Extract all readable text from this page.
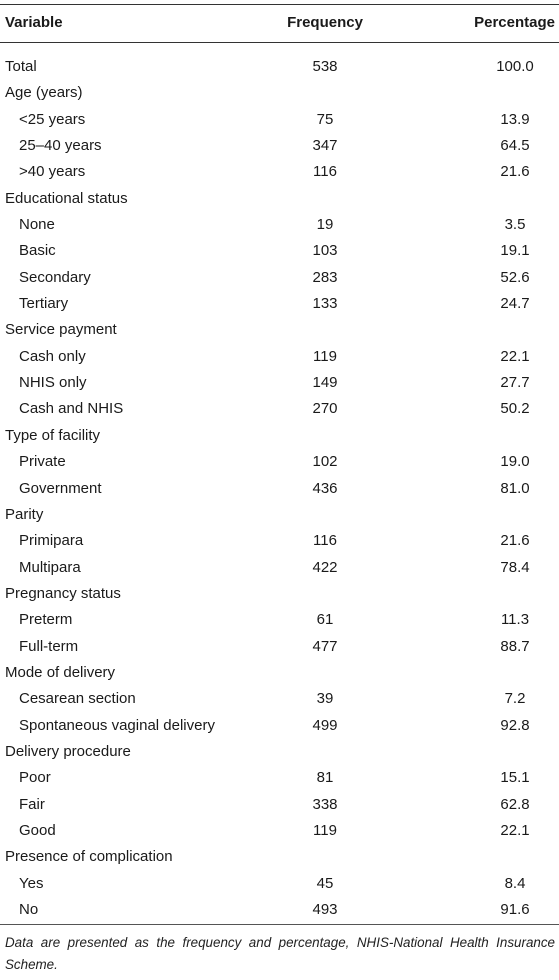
Variable	Frequency	Percentage
Total	538	100.0
Age (years)
<25 years	75	13.9
25–40 years	347	64.5
>40 years	116	21.6
Educational status
None	19	3.5
Basic	103	19.1
Secondary	283	52.6
Tertiary	133	24.7
Service payment
Cash only	119	22.1
NHIS only	149	27.7
Cash and NHIS	270	50.2
Type of facility
Private	102	19.0
Government	436	81.0
Parity
Primipara	116	21.6
Multipara	422	78.4
Pregnancy status
Preterm	61	11.3
Full-term	477	88.7
Mode of delivery
Cesarean section	39	7.2
Spontaneous vaginal delivery	499	92.8
Delivery procedure
Poor	81	15.1
Fair	338	62.8
Good	119	22.1
Presence of complication
Yes	45	8.4
No	493	91.6
Data are presented as the frequency and percentage, NHIS-National Health Insurance Scheme.
